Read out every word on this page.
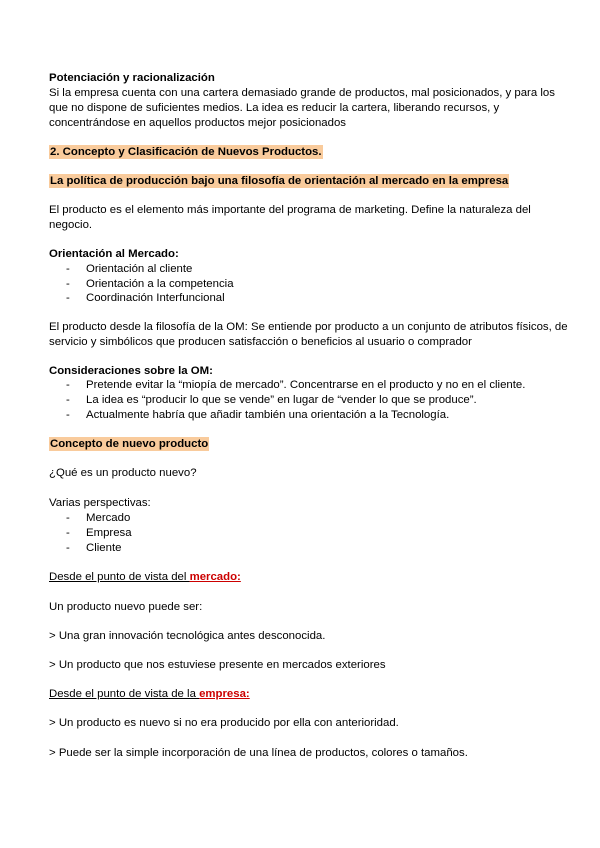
Potenciación y racionalización
Si la empresa cuenta con una cartera demasiado grande de productos, mal posicionados, y para los
que no dispone de suficientes medios. La idea es reducir la cartera, liberando recursos, y
concentrándose en aquellos productos mejor posicionados
2. Concepto y Clasificación de Nuevos Productos.
La política de producción bajo una filosofía de orientación al mercado en la empresa
El producto es el elemento más importante del programa de marketing. Define la naturaleza del
negocio.
Orientación al Mercado:
- Orientación al cliente
- Orientación a la competencia
- Coordinación Interfuncional
El producto desde la filosofía de la OM: Se entiende por producto a un conjunto de atributos físicos, de
servicio y simbólicos que producen satisfacción o beneficios al usuario o comprador
Consideraciones sobre la OM:
- Pretende evitar la “miopía de mercado”. Concentrarse en el producto y no en el cliente.
- La idea es “producir lo que se vende” en lugar de “vender lo que se produce”.
- Actualmente habría que añadir también una orientación a la Tecnología.
Concepto de nuevo producto
¿Qué es un producto nuevo?
Varias perspectivas:
- Mercado
- Empresa
- Cliente
Desde el punto de vista del mercado:
Un producto nuevo puede ser:
> Una gran innovación tecnológica antes desconocida.
> Un producto que nos estuviese presente en mercados exteriores
Desde el punto de vista de la empresa:
> Un producto es nuevo si no era producido por ella con anterioridad.
> Puede ser la simple incorporación de una línea de productos, colores o tamaños.
